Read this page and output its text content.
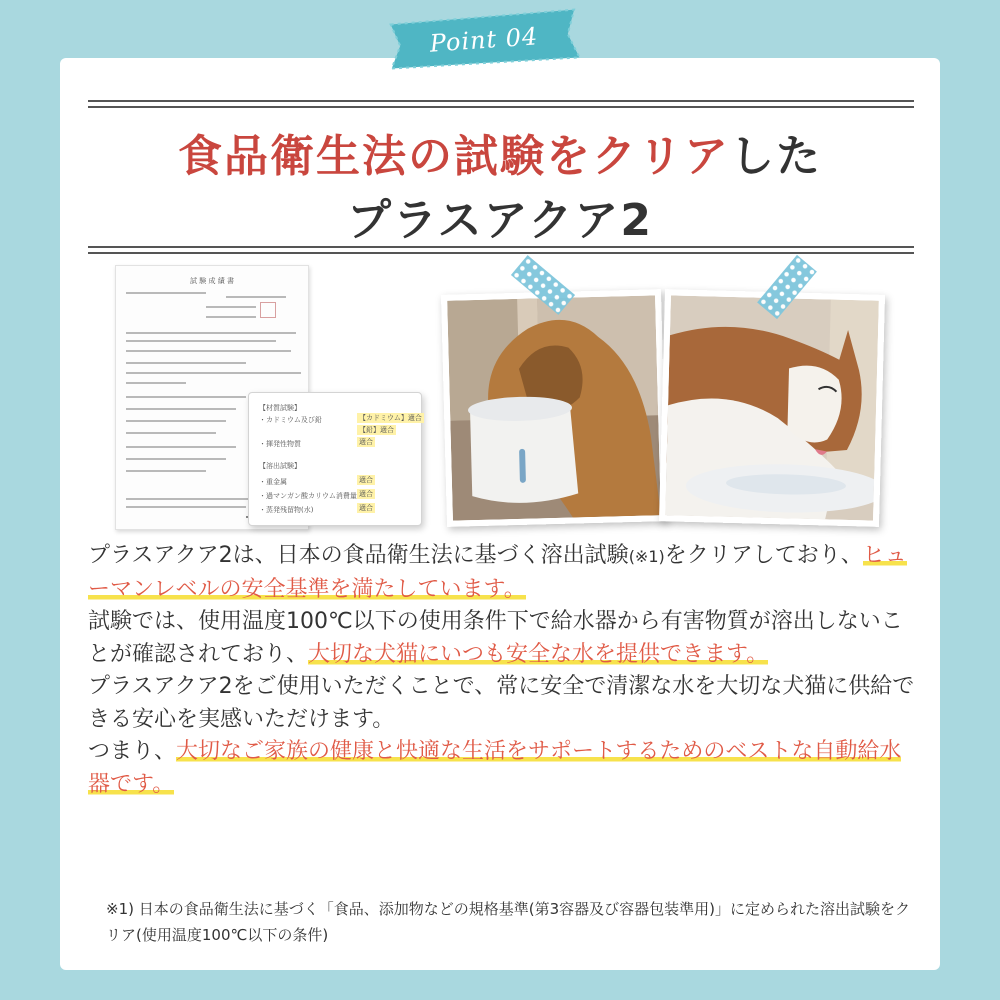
Point 04
食品衛生法の試験をクリアした
プラスアクア2
試 験 成 績 書
【材質試験】
・カドミウム及び鉛	【カドミウム】適合
【鉛】適合
・揮発性物質	適合
【溶出試験】
・重金属	適合
・過マンガン酸カリウム消費量 適合
・蒸発残留物(水)	適合
プラスアクア2は、日本の食品衛生法に基づく溶出試験(※1)をクリアしており、ヒューマンレベルの安全基準を満たしています。
試験では、使用温度100℃以下の使用条件下で給水器から有害物質が溶出しないことが確認されており、大切な犬猫にいつも安全な水を提供できます。
プラスアクア2をご使用いただくことで、常に安全で清潔な水を大切な犬猫に供給できる安心を実感いただけます。
つまり、大切なご家族の健康と快適な生活をサポートするためのベストな自動給水器です。
※1) 日本の食品衛生法に基づく「食品、添加物などの規格基準(第3容器及び容器包装準用)」に定められた溶出試験をクリア(使用温度100℃以下の条件)
